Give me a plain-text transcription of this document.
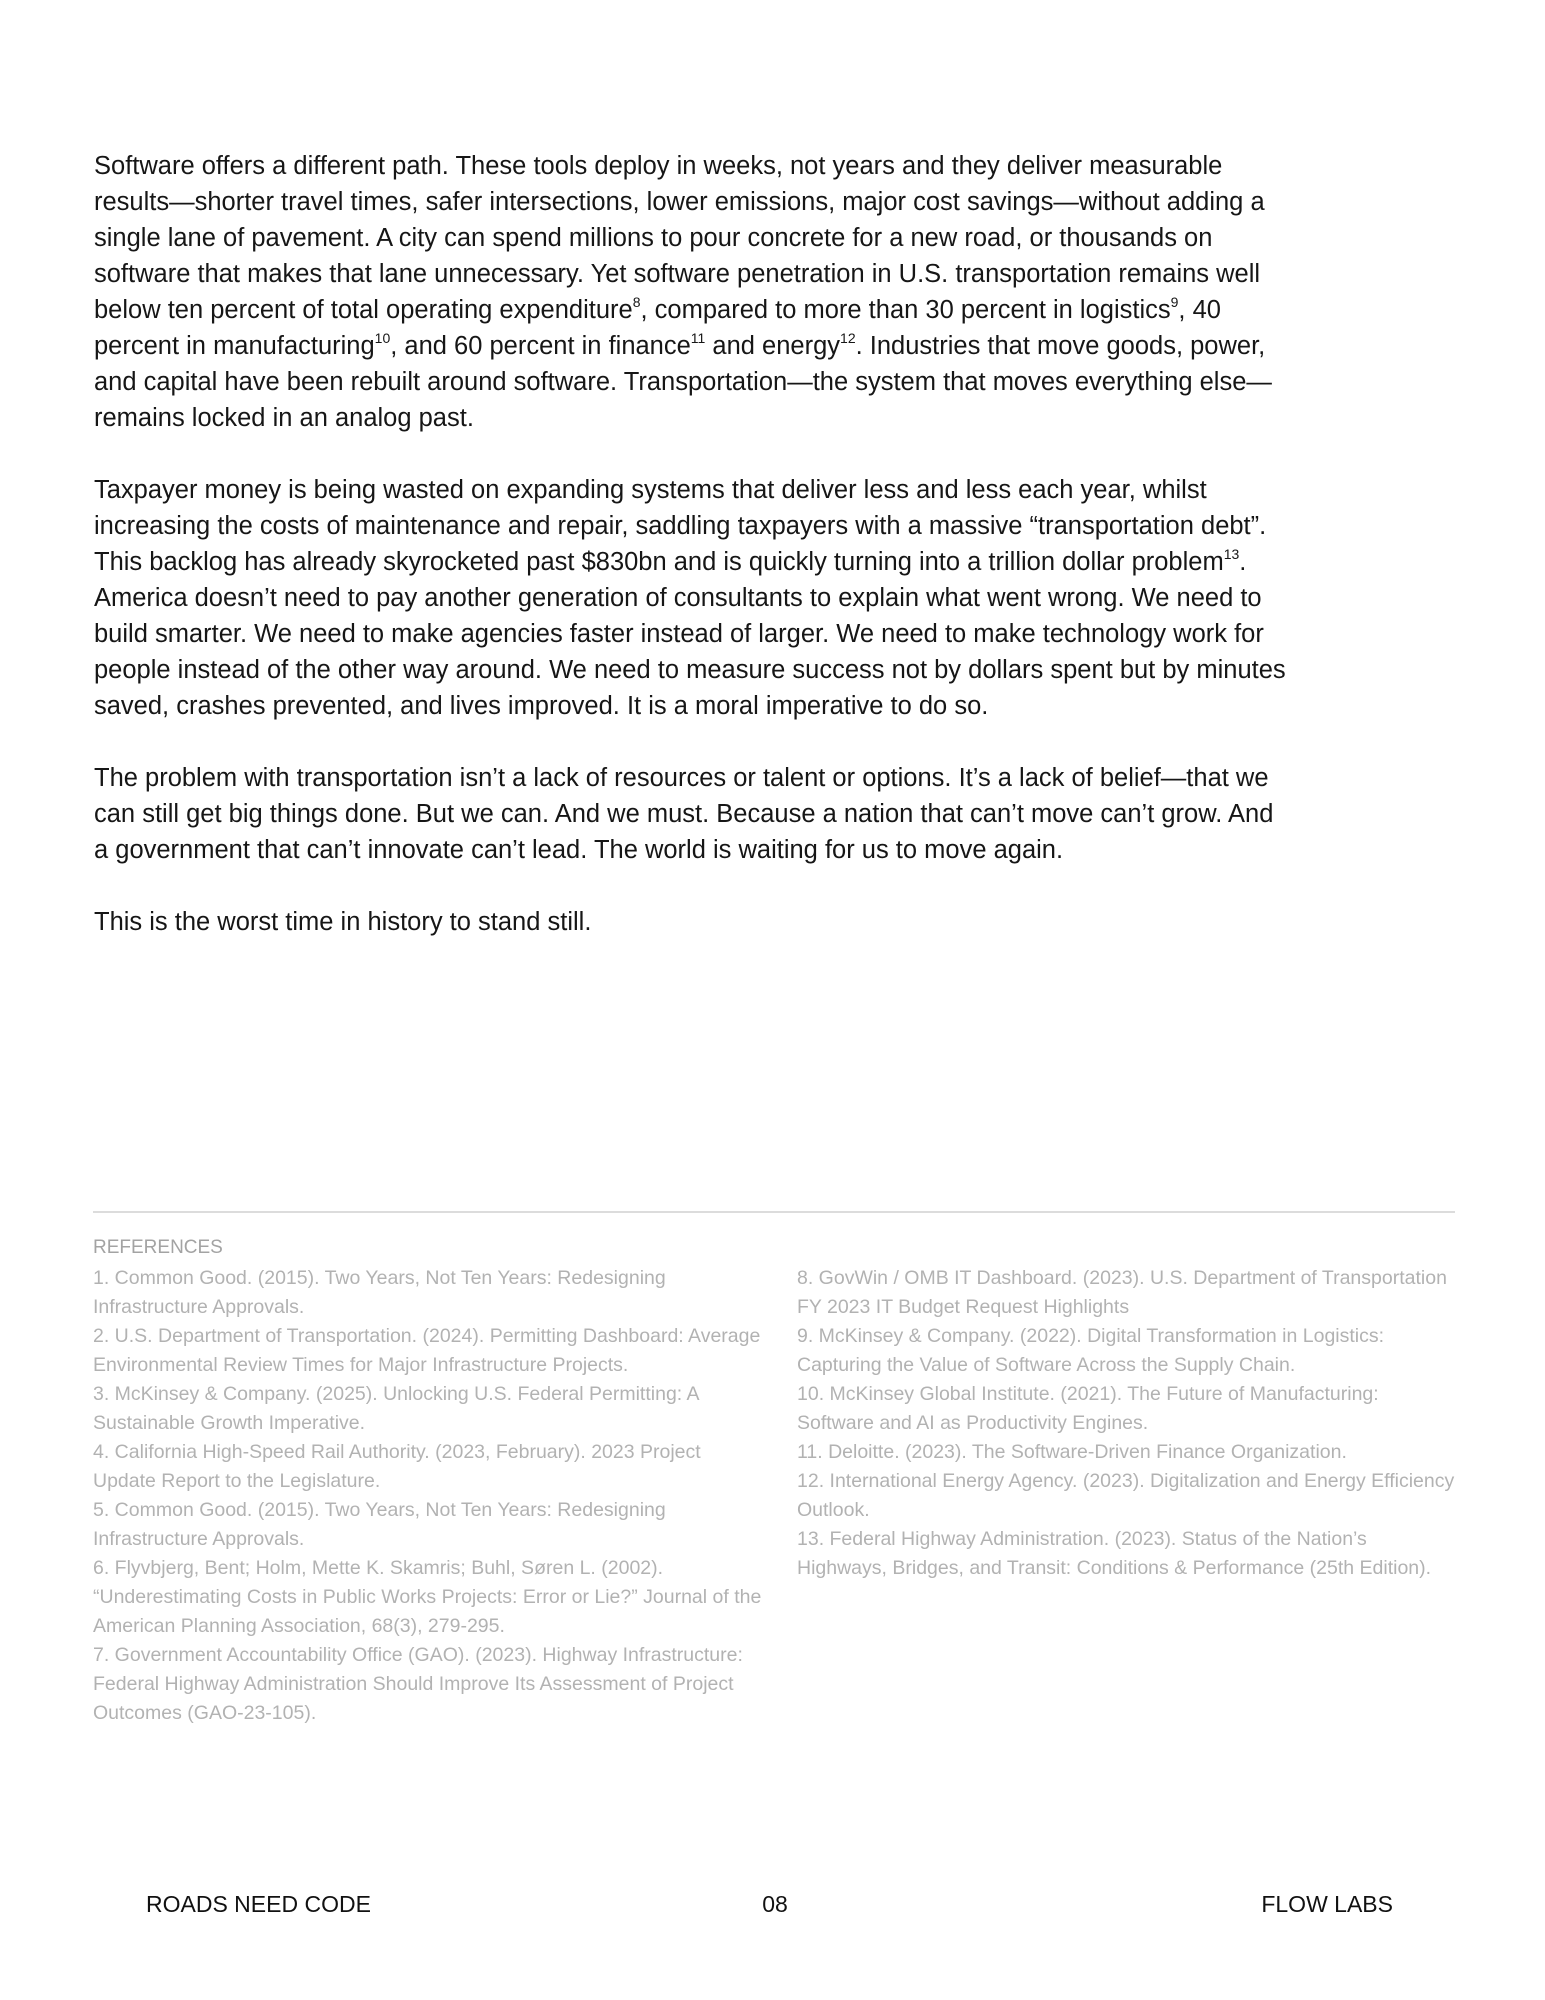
Software offers a different path. These tools deploy in weeks, not years and they deliver measurable results—shorter travel times, safer intersections, lower emissions, major cost savings—without adding a single lane of pavement. A city can spend millions to pour concrete for a new road, or thousands on software that makes that lane unnecessary. Yet software penetration in U.S. transportation remains well below ten percent of total operating expenditure$^8$, compared to more than 30 percent in logistics$^9$, 40 percent in manufacturing$^{10}$, and 60 percent in finance$^{11}$ and energy$^{12}$. Industries that move goods, power, and capital have been rebuilt around software. Transportation—the system that moves everything else—remains locked in an analog past.

Taxpayer money is being wasted on expanding systems that deliver less and less each year, whilst increasing the costs of maintenance and repair, saddling taxpayers with a massive “transportation debt”. This backlog has already skyrocketed past $830bn and is quickly turning into a trillion dollar problem$^{13}$. America doesn’t need to pay another generation of consultants to explain what went wrong. We need to build smarter. We need to make agencies faster instead of larger. We need to make technology work for people instead of the other way around. We need to measure success not by dollars spent but by minutes saved, crashes prevented, and lives improved. It is a moral imperative to do so.

The problem with transportation isn’t a lack of resources or talent or options. It’s a lack of belief—that we can still get big things done. But we can. And we must. Because a nation that can’t move can’t grow. And a government that can’t innovate can’t lead. The world is waiting for us to move again.

This is the worst time in history to stand still.

REFERENCES

1. Common Good. (2015). Two Years, Not Ten Years: Redesigning Infrastructure Approvals.

2. U.S. Department of Transportation. (2024). Permitting Dashboard: Average Environmental Review Times for Major Infrastructure Projects.

3. McKinsey & Company. (2025). Unlocking U.S. Federal Permitting: A Sustainable Growth Imperative.

4. California High-Speed Rail Authority. (2023, February). 2023 Project Update Report to the Legislature.

5. Common Good. (2015). Two Years, Not Ten Years: Redesigning Infrastructure Approvals.

6. Flyvbjerg, Bent; Holm, Mette K. Skamris; Buhl, Søren L. (2002). “Underestimating Costs in Public Works Projects: Error or Lie?” Journal of the American Planning Association, 68(3), 279-295.

7. Government Accountability Office (GAO). (2023). Highway Infrastructure: Federal Highway Administration Should Improve Its Assessment of Project Outcomes (GAO-23-105).

8. GovWin / OMB IT Dashboard. (2023). U.S. Department of Transportation FY 2023 IT Budget Request Highlights

9. McKinsey & Company. (2022). Digital Transformation in Logistics: Capturing the Value of Software Across the Supply Chain.

10. McKinsey Global Institute. (2021). The Future of Manufacturing: Software and AI as Productivity Engines.

11. Deloitte. (2023). The Software-Driven Finance Organization.

12. International Energy Agency. (2023). Digitalization and Energy Efficiency Outlook.

13. Federal Highway Administration. (2023). Status of the Nation’s Highways, Bridges, and Transit: Conditions & Performance (25th Edition).

ROADS NEED CODE	08	FLOW LABS
